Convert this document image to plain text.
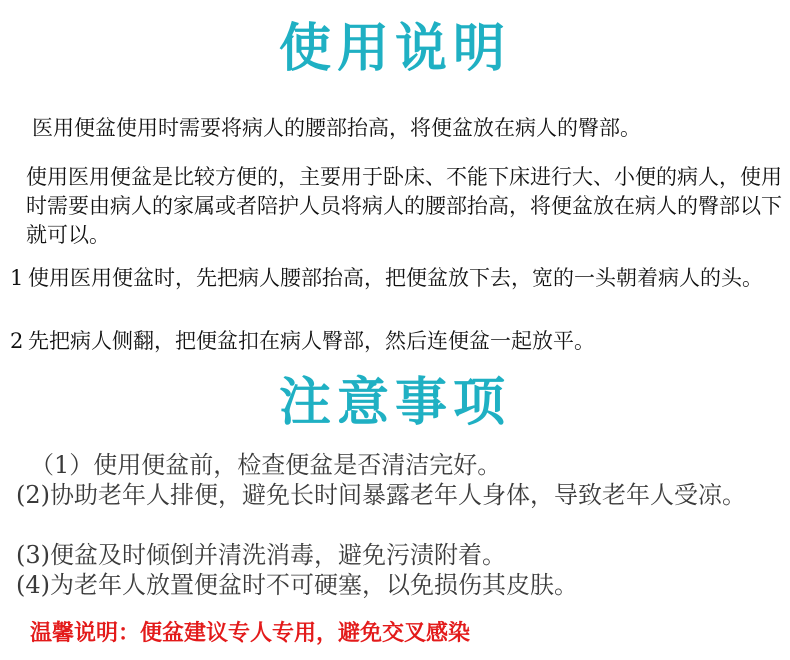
使用说明

医用便盆使用时需要将病人的腰部抬高，将便盆放在病人的臀部。

使用医用便盆是比较方便的，主要用于卧床、不能下床进行大、小便的病人，使用时需要由病人的家属或者陪护人员将病人的腰部抬高，将便盆放在病人的臀部以下就可以。

1 使用医用便盆时，先把病人腰部抬高，把便盆放下去，宽的一头朝着病人的头。
2 先把病人侧翻，把便盆扣在病人臀部，然后连便盆一起放平。
注意事项

（1）使用便盆前，检查便盆是否清洁完好。

(2)协助老年人排便，避免长时间暴露老年人身体，导致老年人受凉。

(3)便盆及时倾倒并清洗消毒，避免污渍附着。

(4)为老年人放置便盆时不可硬塞，以免损伤其皮肤。

温馨说明：便盆建议专人专用，避免交叉感染
